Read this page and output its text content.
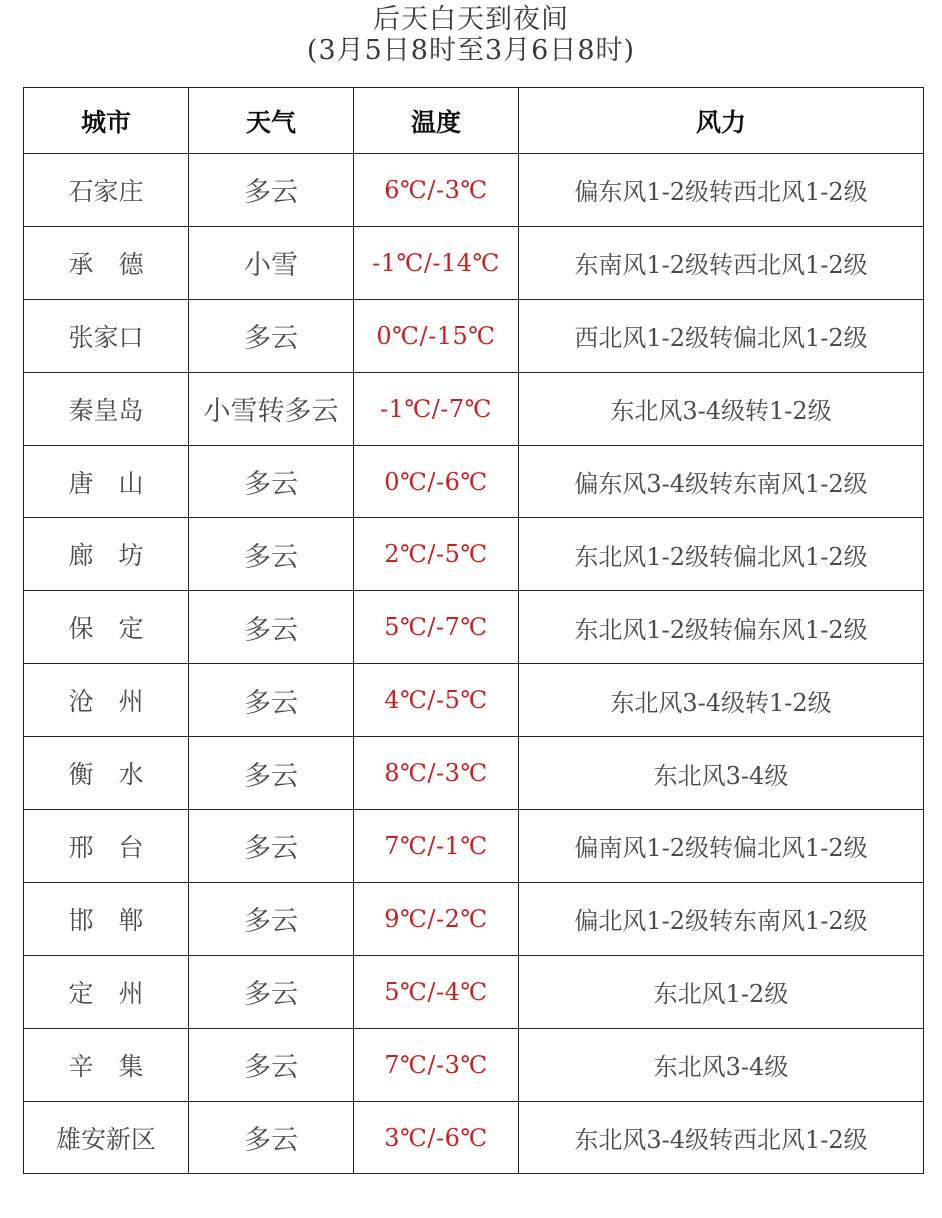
后天白天到夜间
(3月5日8时至3月6日8时)
城市	天气	温度	风力
石家庄	多云	6℃/-3℃	偏东风1-2级转西北风1-2级
承　德	小雪	-1℃/-14℃	东南风1-2级转西北风1-2级
张家口	多云	0℃/-15℃	西北风1-2级转偏北风1-2级
秦皇岛	小雪转多云	-1℃/-7℃	东北风3-4级转1-2级
唐　山	多云	0℃/-6℃	偏东风3-4级转东南风1-2级
廊　坊	多云	2℃/-5℃	东北风1-2级转偏北风1-2级
保　定	多云	5℃/-7℃	东北风1-2级转偏东风1-2级
沧　州	多云	4℃/-5℃	东北风3-4级转1-2级
衡　水	多云	8℃/-3℃	东北风3-4级
邢　台	多云	7℃/-1℃	偏南风1-2级转偏北风1-2级
邯　郸	多云	9℃/-2℃	偏北风1-2级转东南风1-2级
定　州	多云	5℃/-4℃	东北风1-2级
辛　集	多云	7℃/-3℃	东北风3-4级
雄安新区	多云	3℃/-6℃	东北风3-4级转西北风1-2级
